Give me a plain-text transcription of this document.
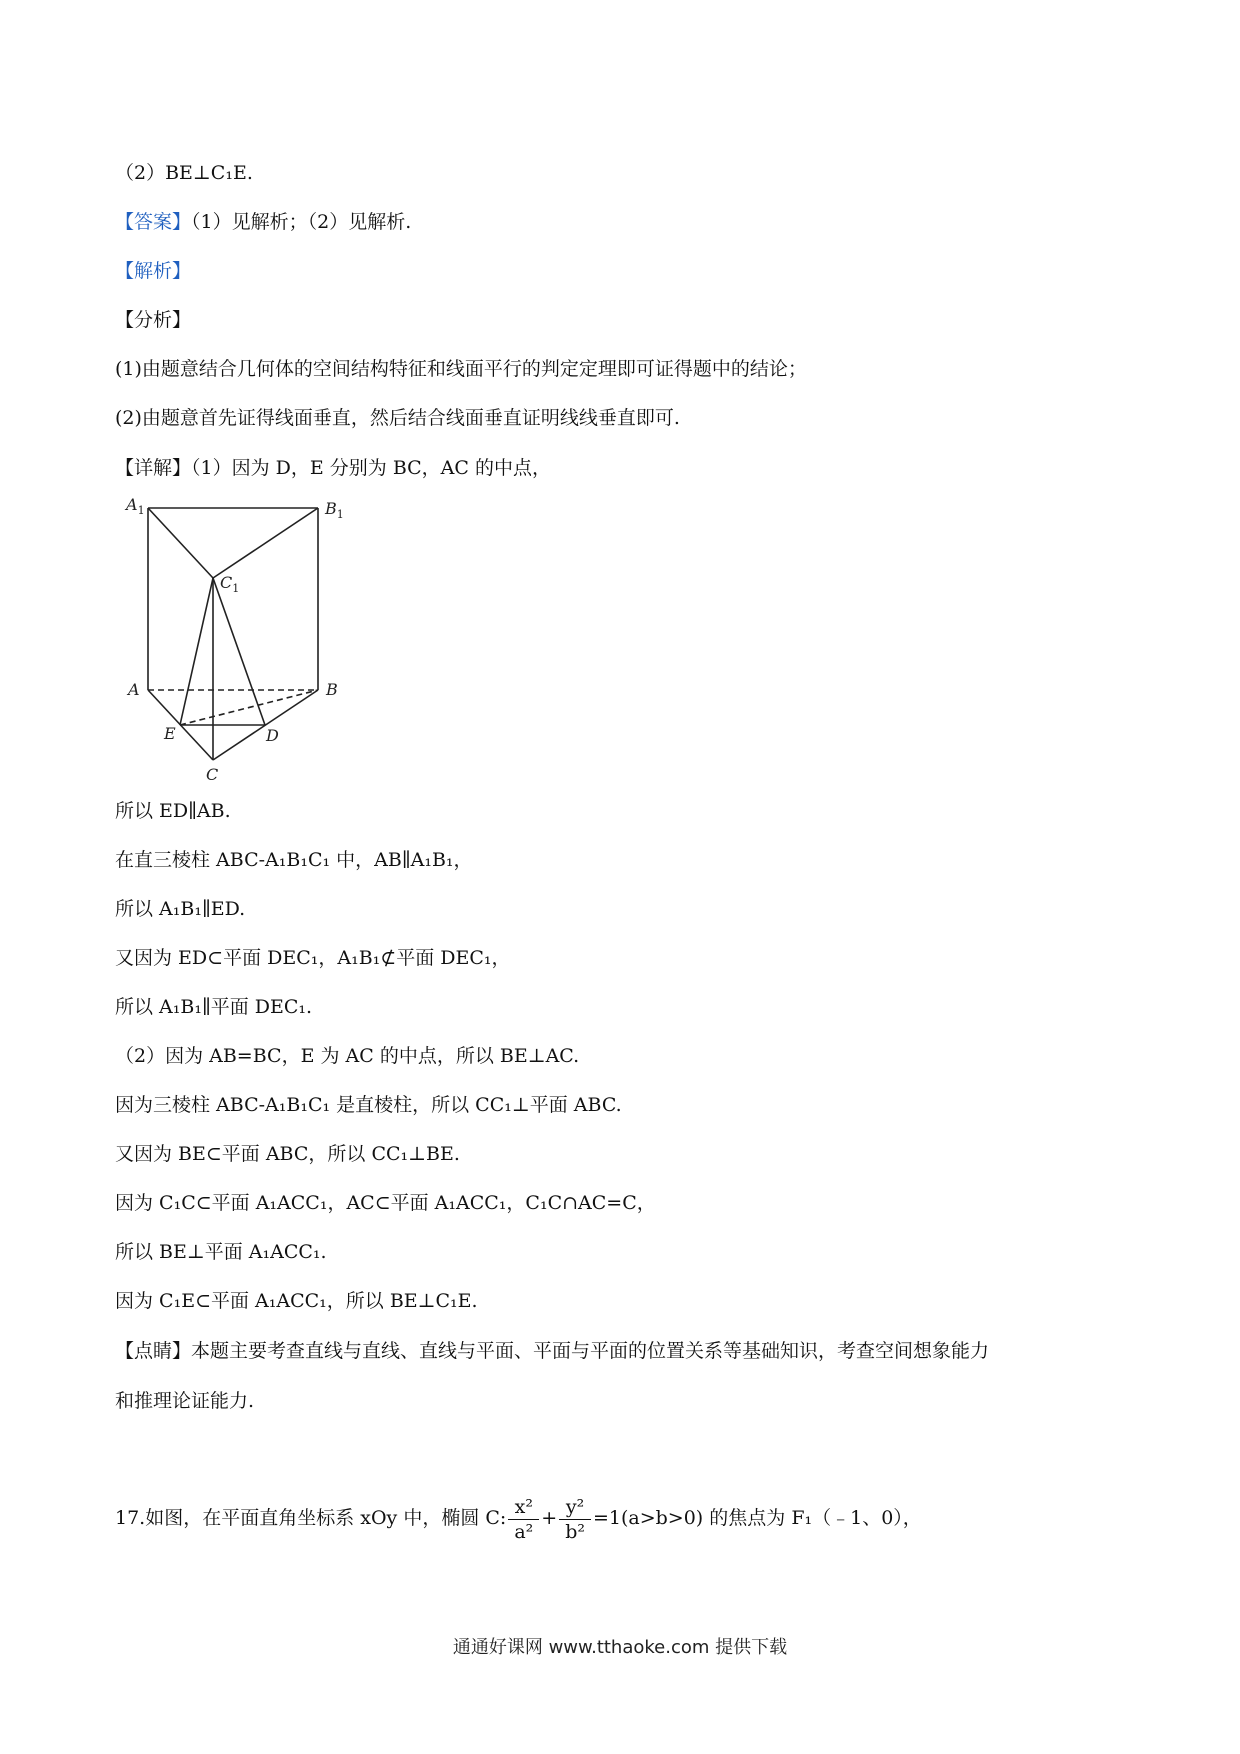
（2）BE⊥C₁E.
【答案】（1）见解析；（2）见解析.
【解析】
【分析】
(1)由题意结合几何体的空间结构特征和线面平行的判定定理即可证得题中的结论；
(2)由题意首先证得线面垂直，然后结合线面垂直证明线线垂直即可.
【详解】（1）因为 D，E 分别为 BC，AC 的中点，
$A_1$	$B_1$
$C_1$
A	B
E	D
C
所以 ED∥AB.
在直三棱柱 ABC-A₁B₁C₁ 中，AB∥A₁B₁，
所以 A₁B₁∥ED.
又因为 ED⊂平面 DEC₁，A₁B₁⊄平面 DEC₁，
所以 A₁B₁∥平面 DEC₁.
（2）因为 AB=BC，E 为 AC 的中点，所以 BE⊥AC.
因为三棱柱 ABC-A₁B₁C₁ 是直棱柱，所以 CC₁⊥平面 ABC.
又因为 BE⊂平面 ABC，所以 CC₁⊥BE.
因为 C₁C⊂平面 A₁ACC₁，AC⊂平面 A₁ACC₁，C₁C∩AC=C，
所以 BE⊥平面 A₁ACC₁.
因为 C₁E⊂平面 A₁ACC₁，所以 BE⊥C₁E.
【点睛】本题主要考查直线与直线、直线与平面、平面与平面的位置关系等基础知识，考查空间想象能力
和推理论证能力.
17.如图，在平面直角坐标系 xOy 中，椭圆 C: $\frac{\text{x²}}{\text{a²}} + \frac{\text{y²}}{\text{b²}} =1(a>b>0)$ 的焦点为 F₁（﹣1、0），
通通好课网 www.tthaoke.com 提供下载
